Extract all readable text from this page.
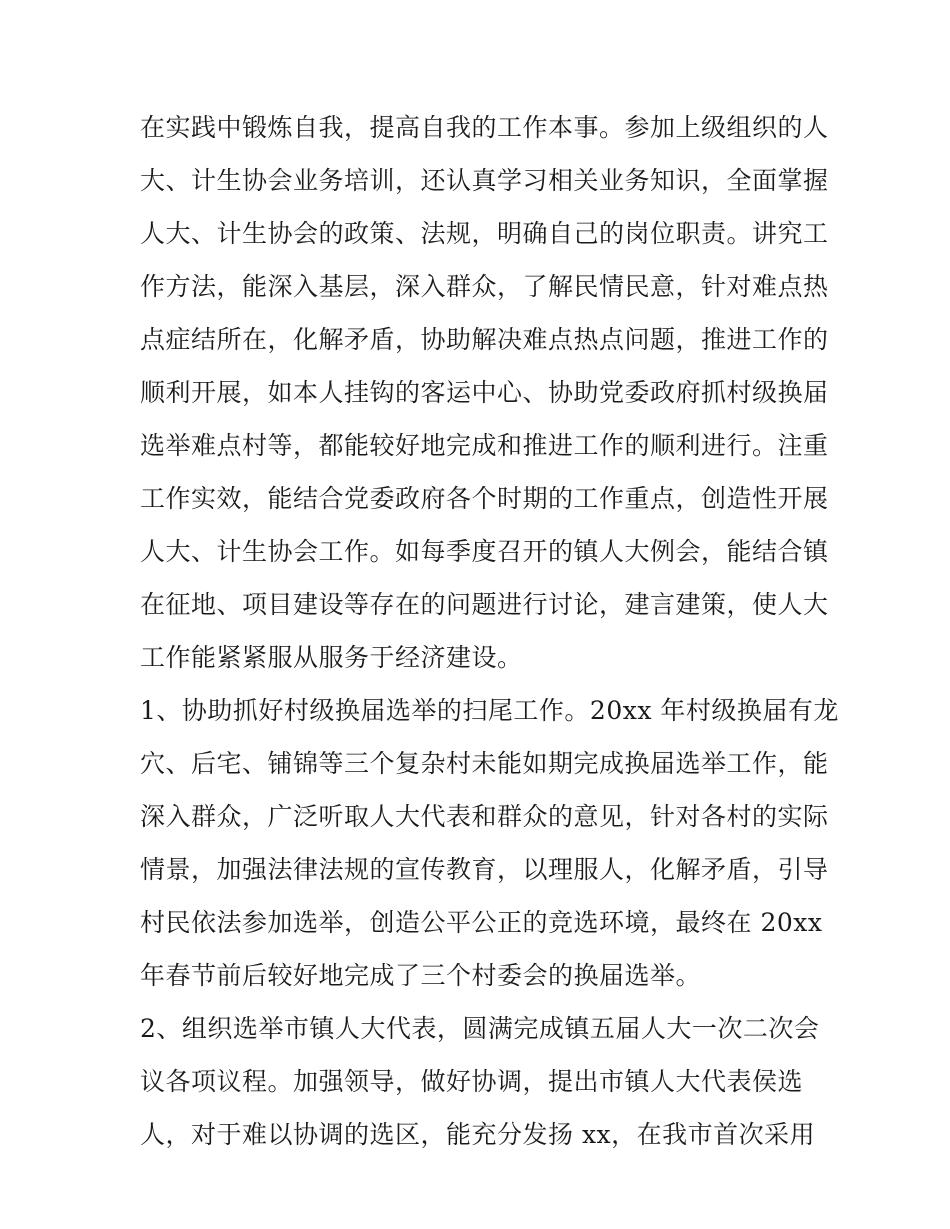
在实践中锻炼自我，提高自我的工作本事。参加上级组织的人
大、计生协会业务培训，还认真学习相关业务知识，全面掌握
人大、计生协会的政策、法规，明确自己的岗位职责。讲究工
作方法，能深入基层，深入群众，了解民情民意，针对难点热
点症结所在，化解矛盾，协助解决难点热点问题，推进工作的
顺利开展，如本人挂钩的客运中心、协助党委政府抓村级换届
选举难点村等，都能较好地完成和推进工作的顺利进行。注重
工作实效，能结合党委政府各个时期的工作重点，创造性开展
人大、计生协会工作。如每季度召开的镇人大例会，能结合镇
在征地、项目建设等存在的问题进行讨论，建言建策，使人大
工作能紧紧服从服务于经济建设。
1、协助抓好村级换届选举的扫尾工作。20xx 年村级换届有龙
穴、后宅、铺锦等三个复杂村未能如期完成换届选举工作，能
深入群众，广泛听取人大代表和群众的意见，针对各村的实际
情景，加强法律法规的宣传教育，以理服人，化解矛盾，引导
村民依法参加选举，创造公平公正的竞选环境，最终在 20xx
年春节前后较好地完成了三个村委会的换届选举。
2、组织选举市镇人大代表，圆满完成镇五届人大一次二次会
议各项议程。加强领导，做好协调，提出市镇人大代表侯选
人，对于难以协调的选区，能充分发扬 xx，在我市首次采用
